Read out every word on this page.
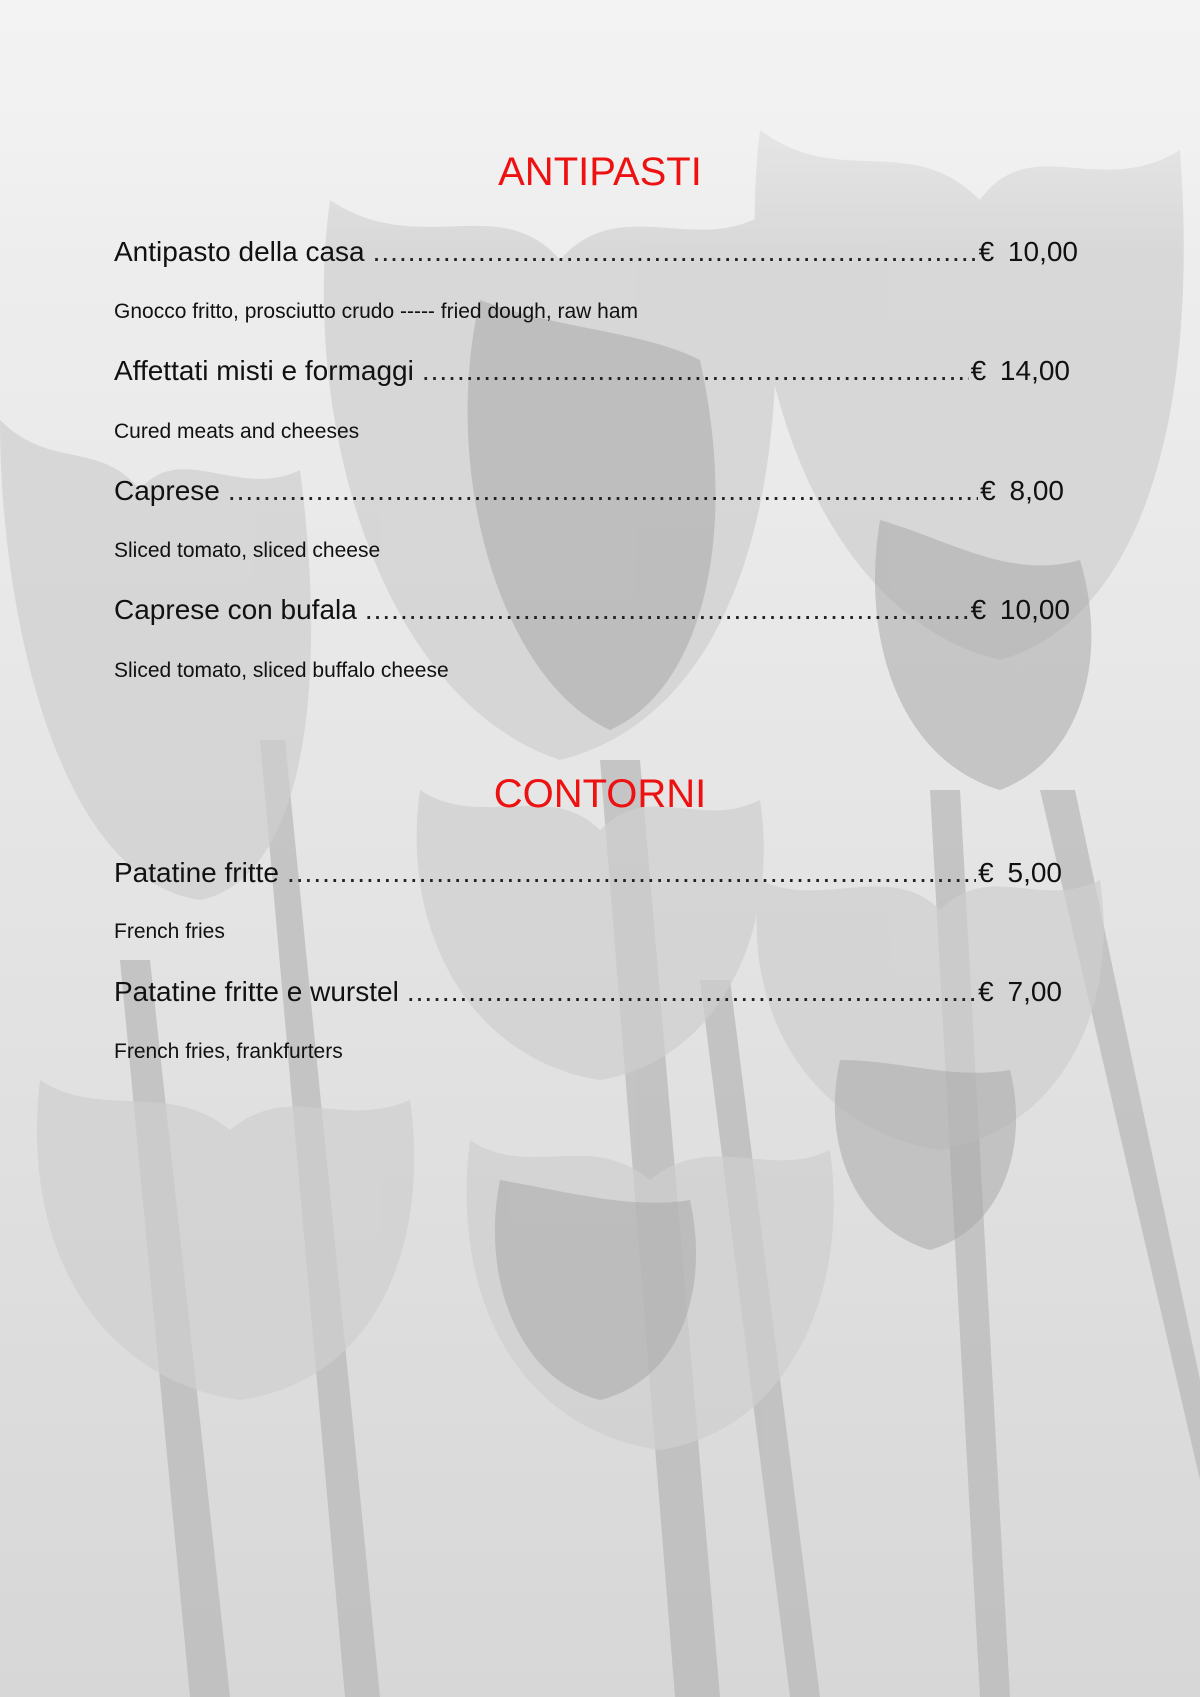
ANTIPASTI
Antipasto della casa .....	€ 10,00
Gnocco fritto, prosciutto crudo ----- fried dough, raw ham
Affettati misti e formaggi .....	€ 14,00
Cured meats and cheeses
Caprese .....	€ 8,00
Sliced tomato, sliced cheese
Caprese con bufala .....	€ 10,00
Sliced tomato, sliced buffalo cheese
CONTORNI
Patatine fritte .....	€ 5,00
French fries
Patatine fritte e wurstel .....	€ 7,00
French fries, frankfurters
